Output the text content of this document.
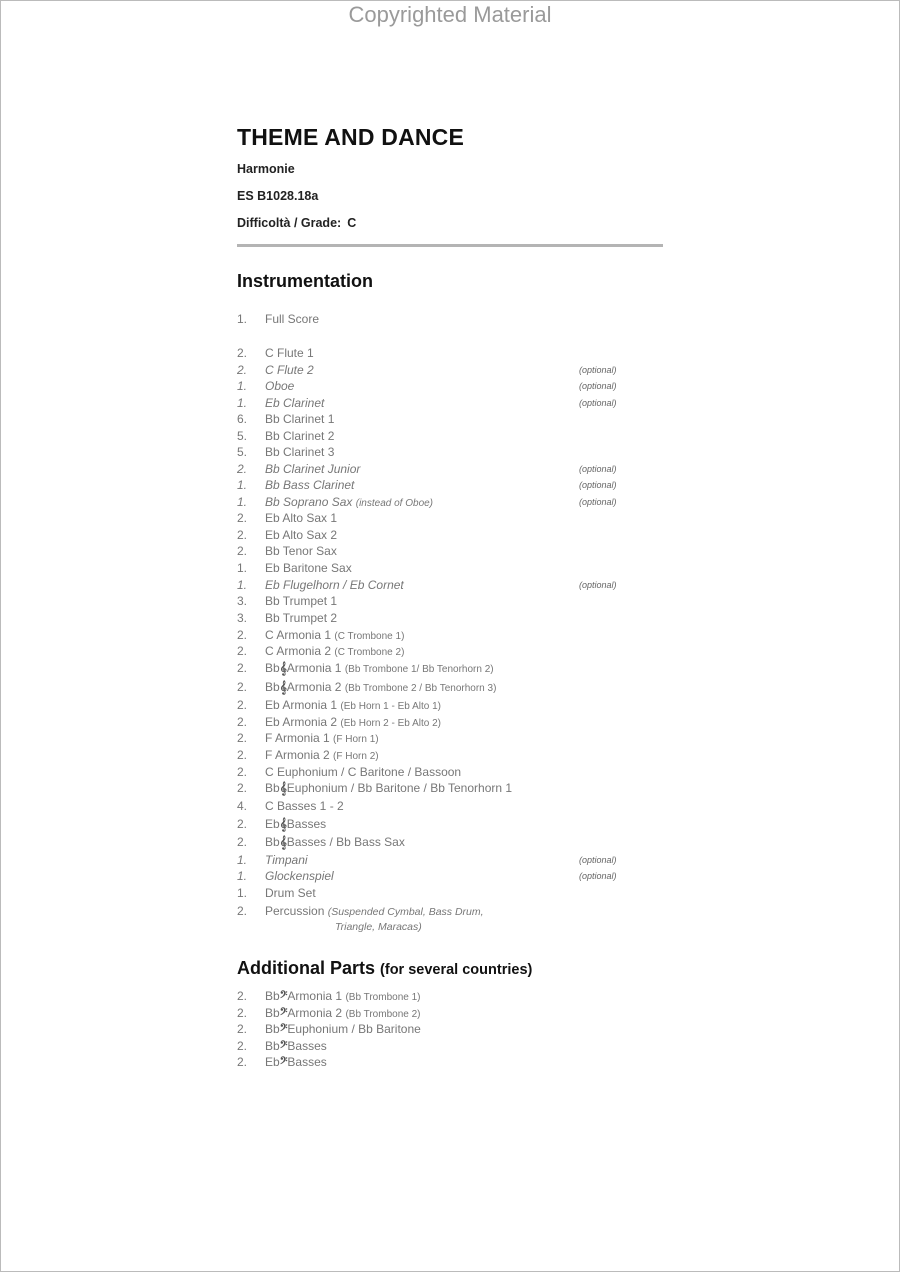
Copyrighted Material
THEME AND DANCE
Harmonie
ES B1028.18a
Difficoltà / Grade: C
Instrumentation
1. Full Score
2. C Flute 1
2. C Flute 2	(optional)
1. Oboe	(optional)
1. Eb Clarinet	(optional)
6. Bb Clarinet 1
5. Bb Clarinet 2
5. Bb Clarinet 3
2. Bb Clarinet Junior	(optional)
1. Bb Bass Clarinet	(optional)
1. Bb Soprano Sax (instead of Oboe)	(optional)
2. Eb Alto Sax 1
2. Eb Alto Sax 2
2. Bb Tenor Sax
1. Eb Baritone Sax
1. Eb Flugelhorn / Eb Cornet	(optional)
3. Bb Trumpet 1
3. Bb Trumpet 2
2. C Armonia 1 (C Trombone 1)
2. C Armonia 2 (C Trombone 2)
2. Bb𝄞Armonia 1 (Bb Trombone 1/ Bb Tenorhorn 2)
2. Bb𝄞Armonia 2 (Bb Trombone 2 / Bb Tenorhorn 3)
2. Eb Armonia 1 (Eb Horn 1 - Eb Alto 1)
2. Eb Armonia 2 (Eb Horn 2 - Eb Alto 2)
2. F Armonia 1 (F Horn 1)
2. F Armonia 2 (F Horn 2)
2. C Euphonium / C Baritone / Bassoon
2. Bb𝄞Euphonium / Bb Baritone / Bb Tenorhorn 1
4. C Basses 1 - 2
2. Eb𝄞Basses
2. Bb𝄞Basses / Bb Bass Sax
1. Timpani	(optional)
1. Glockenspiel	(optional)
1. Drum Set
2. Percussion (Suspended Cymbal, Bass Drum,
Triangle, Maracas)
Additional Parts (for several countries)
2. Bb𝄢Armonia 1 (Bb Trombone 1)
2. Bb𝄢Armonia 2 (Bb Trombone 2)
2. Bb𝄢Euphonium / Bb Baritone
2. Bb𝄢Basses
2. Eb𝄢Basses
